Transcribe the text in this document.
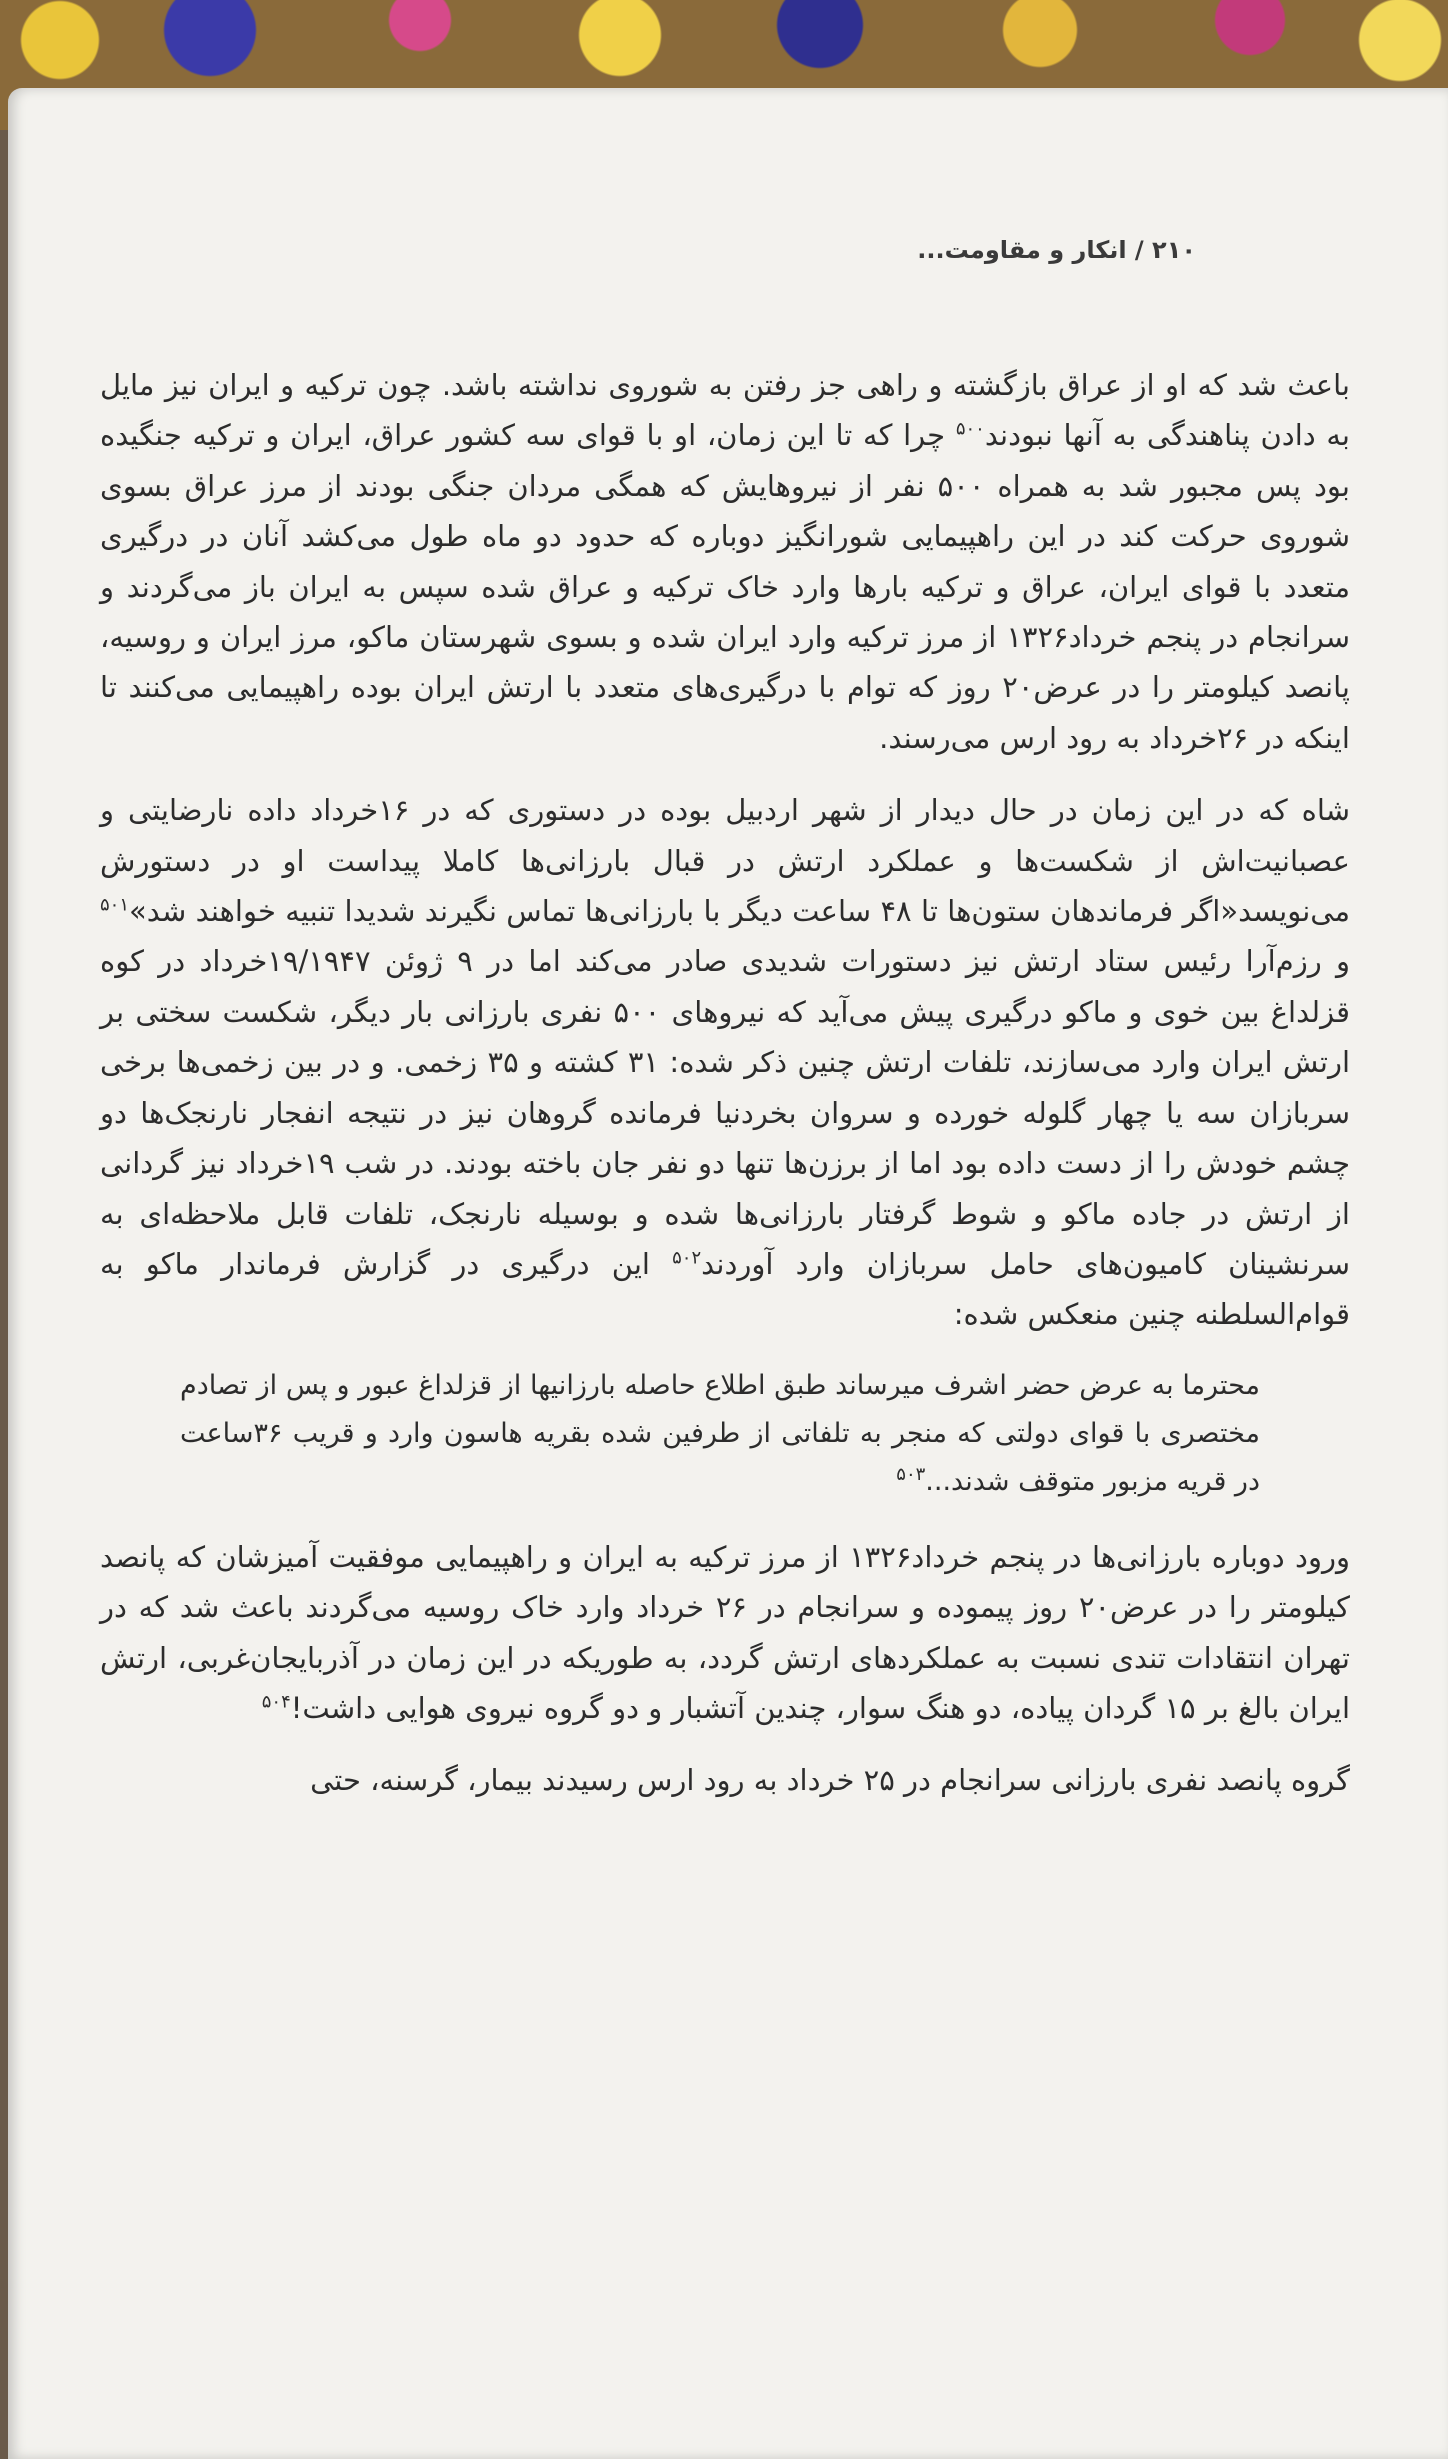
۲۱۰ / انکار و مقاومت...

باعث شد که او از عراق بازگشته و راهی جز رفتن به شوروی نداشته باشد. چون ترکیه و ایران نیز مایل به دادن پناهندگی به آنها نبودند$^{۵۰۰}$ چرا که تا این زمان، او با قوای سه کشور عراق، ایران و ترکیه جنگیده بود پس مجبور شد به همراه ۵۰۰ نفر از نیروهایش که همگی مردان جنگی بودند از مرز عراق بسوی شوروی حرکت کند در این راهپیمایی شورانگیز دوباره که حدود دو ماه طول می‌کشد آنان در درگیری متعدد با قوای ایران، عراق و ترکیه بارها وارد خاک ترکیه و عراق شده سپس به ایران باز می‌گردند و سرانجام در پنجم خرداد۱۳۲۶ از مرز ترکیه وارد ایران شده و بسوی شهرستان ماکو، مرز ایران و روسیه، پانصد کیلومتر را در عرض۲۰ روز که توام با درگیری‌های متعدد با ارتش ایران بوده راهپیمایی می‌کنند تا اینکه در ۲۶خرداد به رود ارس می‌رسند.

شاه که در این زمان در حال دیدار از شهر اردبیل بوده در دستوری که در ۱۶خرداد داده نارضایتی و عصبانیت‌اش از شکست‌ها و عملکرد ارتش در قبال بارزانی‌ها کاملا پیداست او در دستورش می‌نویسد«اگر فرماندهان ستون‌ها تا ۴۸ ساعت دیگر با بارزانی‌ها تماس نگیرند شدیدا تنبیه خواهند شد»$^{۵۰۱}$ و رزم‌آرا رئیس ستاد ارتش نیز دستورات شدیدی صادر می‌کند اما در ۹ ژوئن ۱۹/۱۹۴۷خرداد در کوه قزلداغ بین خوی و ماکو درگیری پیش می‌آید که نیروهای ۵۰۰ نفری بارزانی بار دیگر، شکست سختی بر ارتش ایران وارد می‌سازند، تلفات ارتش چنین ذکر شده: ۳۱ کشته و ۳۵ زخمی. و در بین زخمی‌ها برخی سربازان سه یا چهار گلوله خورده و سروان بخردنیا فرمانده گروهان نیز در نتیجه انفجار نارنجک‌ها دو چشم خودش را از دست داده بود اما از برزن‌ها تنها دو نفر جان باخته بودند. در شب ۱۹خرداد نیز گردانی از ارتش در جاده ماکو و شوط گرفتار بارزانی‌ها شده و بوسیله نارنجک، تلفات قابل ملاحظه‌ای به سرنشینان کامیون‌های حامل سربازان وارد آوردند$^{۵۰۲}$ این درگیری در گزارش فرماندار ماکو به قوام‌السلطنه چنین منعکس شده:

محترما به عرض حضر اشرف میرساند طبق اطلاع حاصله بارزانیها از قزلداغ عبور و پس از تصادم مختصری با قوای دولتی که منجر به تلفاتی از طرفین شده بقریه هاسون وارد و قریب ۳۶ساعت در قریه مزبور متوقف شدند...$^{۵۰۳}$

ورود دوباره بارزانی‌ها در پنجم خرداد۱۳۲۶ از مرز ترکیه به ایران و راهپیمایی موفقیت آمیزشان که پانصد کیلومتر را در عرض۲۰ روز پیموده و سرانجام در ۲۶ خرداد وارد خاک روسیه می‌گردند باعث شد که در تهران انتقادات تندی نسبت به عملکردهای ارتش گردد، به طوریکه در این زمان در آذربایجان‌غربی، ارتش ایران بالغ بر ۱۵ گردان پیاده، دو هنگ سوار، چندین آتشبار و دو گروه نیروی هوایی داشت!$^{۵۰۴}$

گروه پانصد نفری بارزانی سرانجام در ۲۵ خرداد به رود ارس رسیدند بیمار، گرسنه، حتی
